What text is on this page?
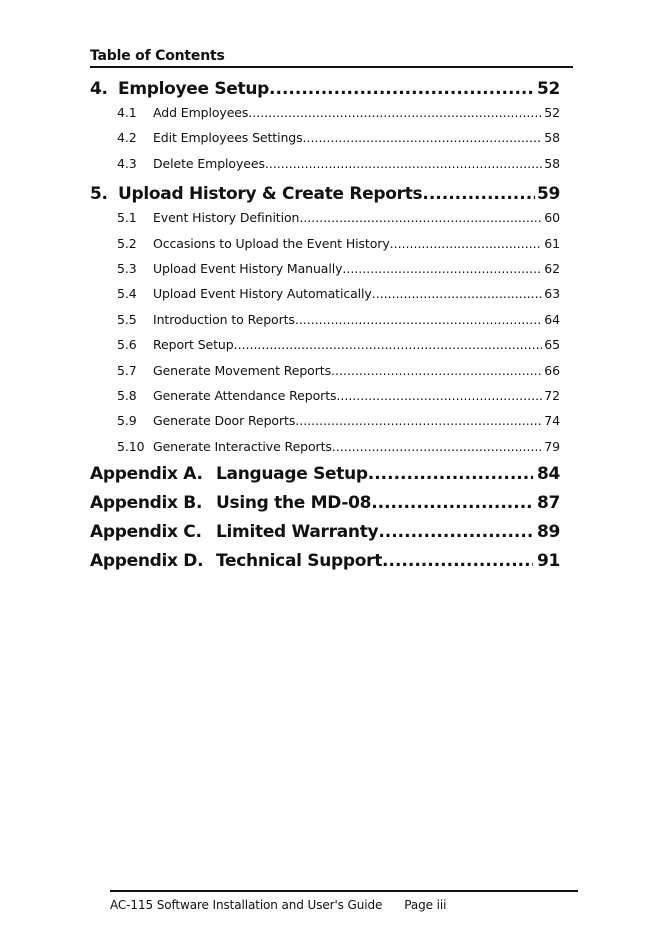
Table of Contents
4. Employee Setup .....	52
4.1	Add Employees .....	52
4.2	Edit Employees Settings .....	58
4.3	Delete Employees .....	58
5. Upload History & Create Reports .....	59
5.1	Event History Definition .....	60
5.2	Occasions to Upload the Event History .....	61
5.3	Upload Event History Manually .....	62
5.4	Upload Event History Automatically .....	63
5.5	Introduction to Reports .....	64
5.6	Report Setup .....	65
5.7	Generate Movement Reports .....	66
5.8	Generate Attendance Reports .....	72
5.9	Generate Door Reports .....	74
5.10 Generate Interactive Reports .....	79
Appendix A. Language Setup .....	84
Appendix B. Using the MD-08 .....	87
Appendix C. Limited Warranty .....	89
Appendix D. Technical Support .....	91
AC-115 Software Installation and User's Guide Page iii
